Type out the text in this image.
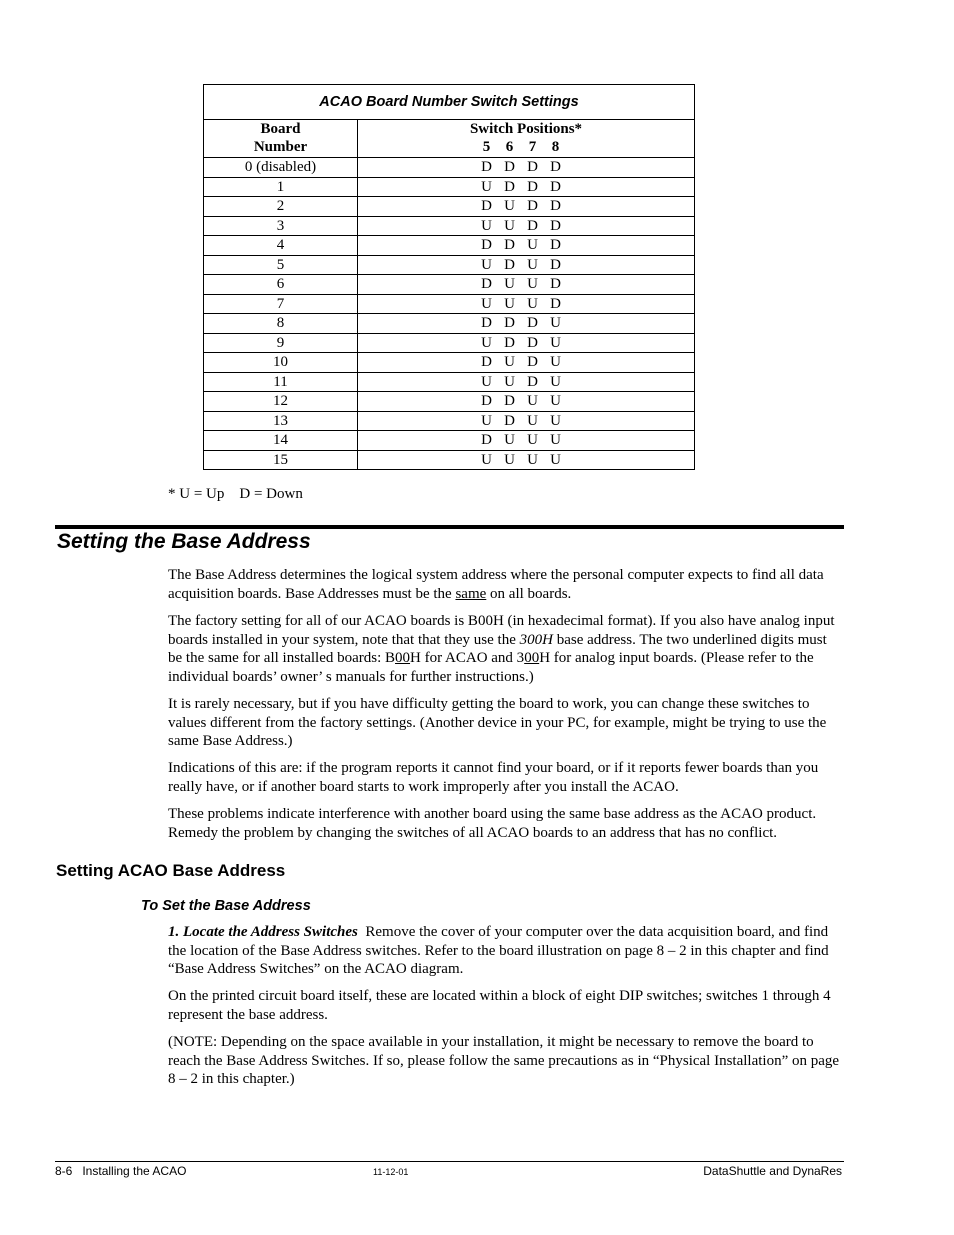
ACAO Board Number Switch Settings	
Board
Number	Switch Positions*
5 6 7 8
0 (disabled)	D D D D
1	U D D D
2	D U D D
3	U U D D
4	D D U D
5	U D U D
6	D U U D
7	U U U D
8	D D D U
9	U D D U
10	D U D U
11	U U D U
12	D D U U
13	U D U U
14	D U U U
15	U U U U
* U = Up    D = Down
Setting the Base Address

The Base Address determines the logical system address where the personal computer expects to find all data acquisition boards. Base Addresses must be the same on all boards.

The factory setting for all of our ACAO boards is B00H (in hexadecimal format). If you also have analog input boards installed in your system, note that that they use the 300H base address. The two underlined digits must be the same for all installed boards: B00H for ACAO and 300H for analog input boards. (Please refer to the individual boards’ owner’ s manuals for further instructions.)

It is rarely necessary, but if you have difficulty getting the board to work, you can change these switches to values different from the factory settings. (Another device in your PC, for example, might be trying to use the same Base Address.)

Indications of this are: if the program reports it cannot find your board, or if it reports fewer boards than you really have, or if another board starts to work improperly after you install the ACAO.

These problems indicate interference with another board using the same base address as the ACAO product. Remedy the problem by changing the switches of all ACAO boards to an address that has no conflict.

Setting ACAO Base Address
To Set the Base Address

1. Locate the Address Switches  Remove the cover of your computer over the data acquisition board, and find the location of the Base Address switches. Refer to the board illustration on page 8 – 2 in this chapter and find “Base Address Switches” on the ACAO diagram.

On the printed circuit board itself, these are located within a block of eight DIP switches; switches 1 through 4 represent the base address.

(NOTE: Depending on the space available in your installation, it might be necessary to remove the board to reach the Base Address Switches. If so, please follow the same precautions as in “Physical Installation” on page 8 – 2 in this chapter.)

8-6   Installing the ACAO	11-12-01	DataShuttle and DynaRes
